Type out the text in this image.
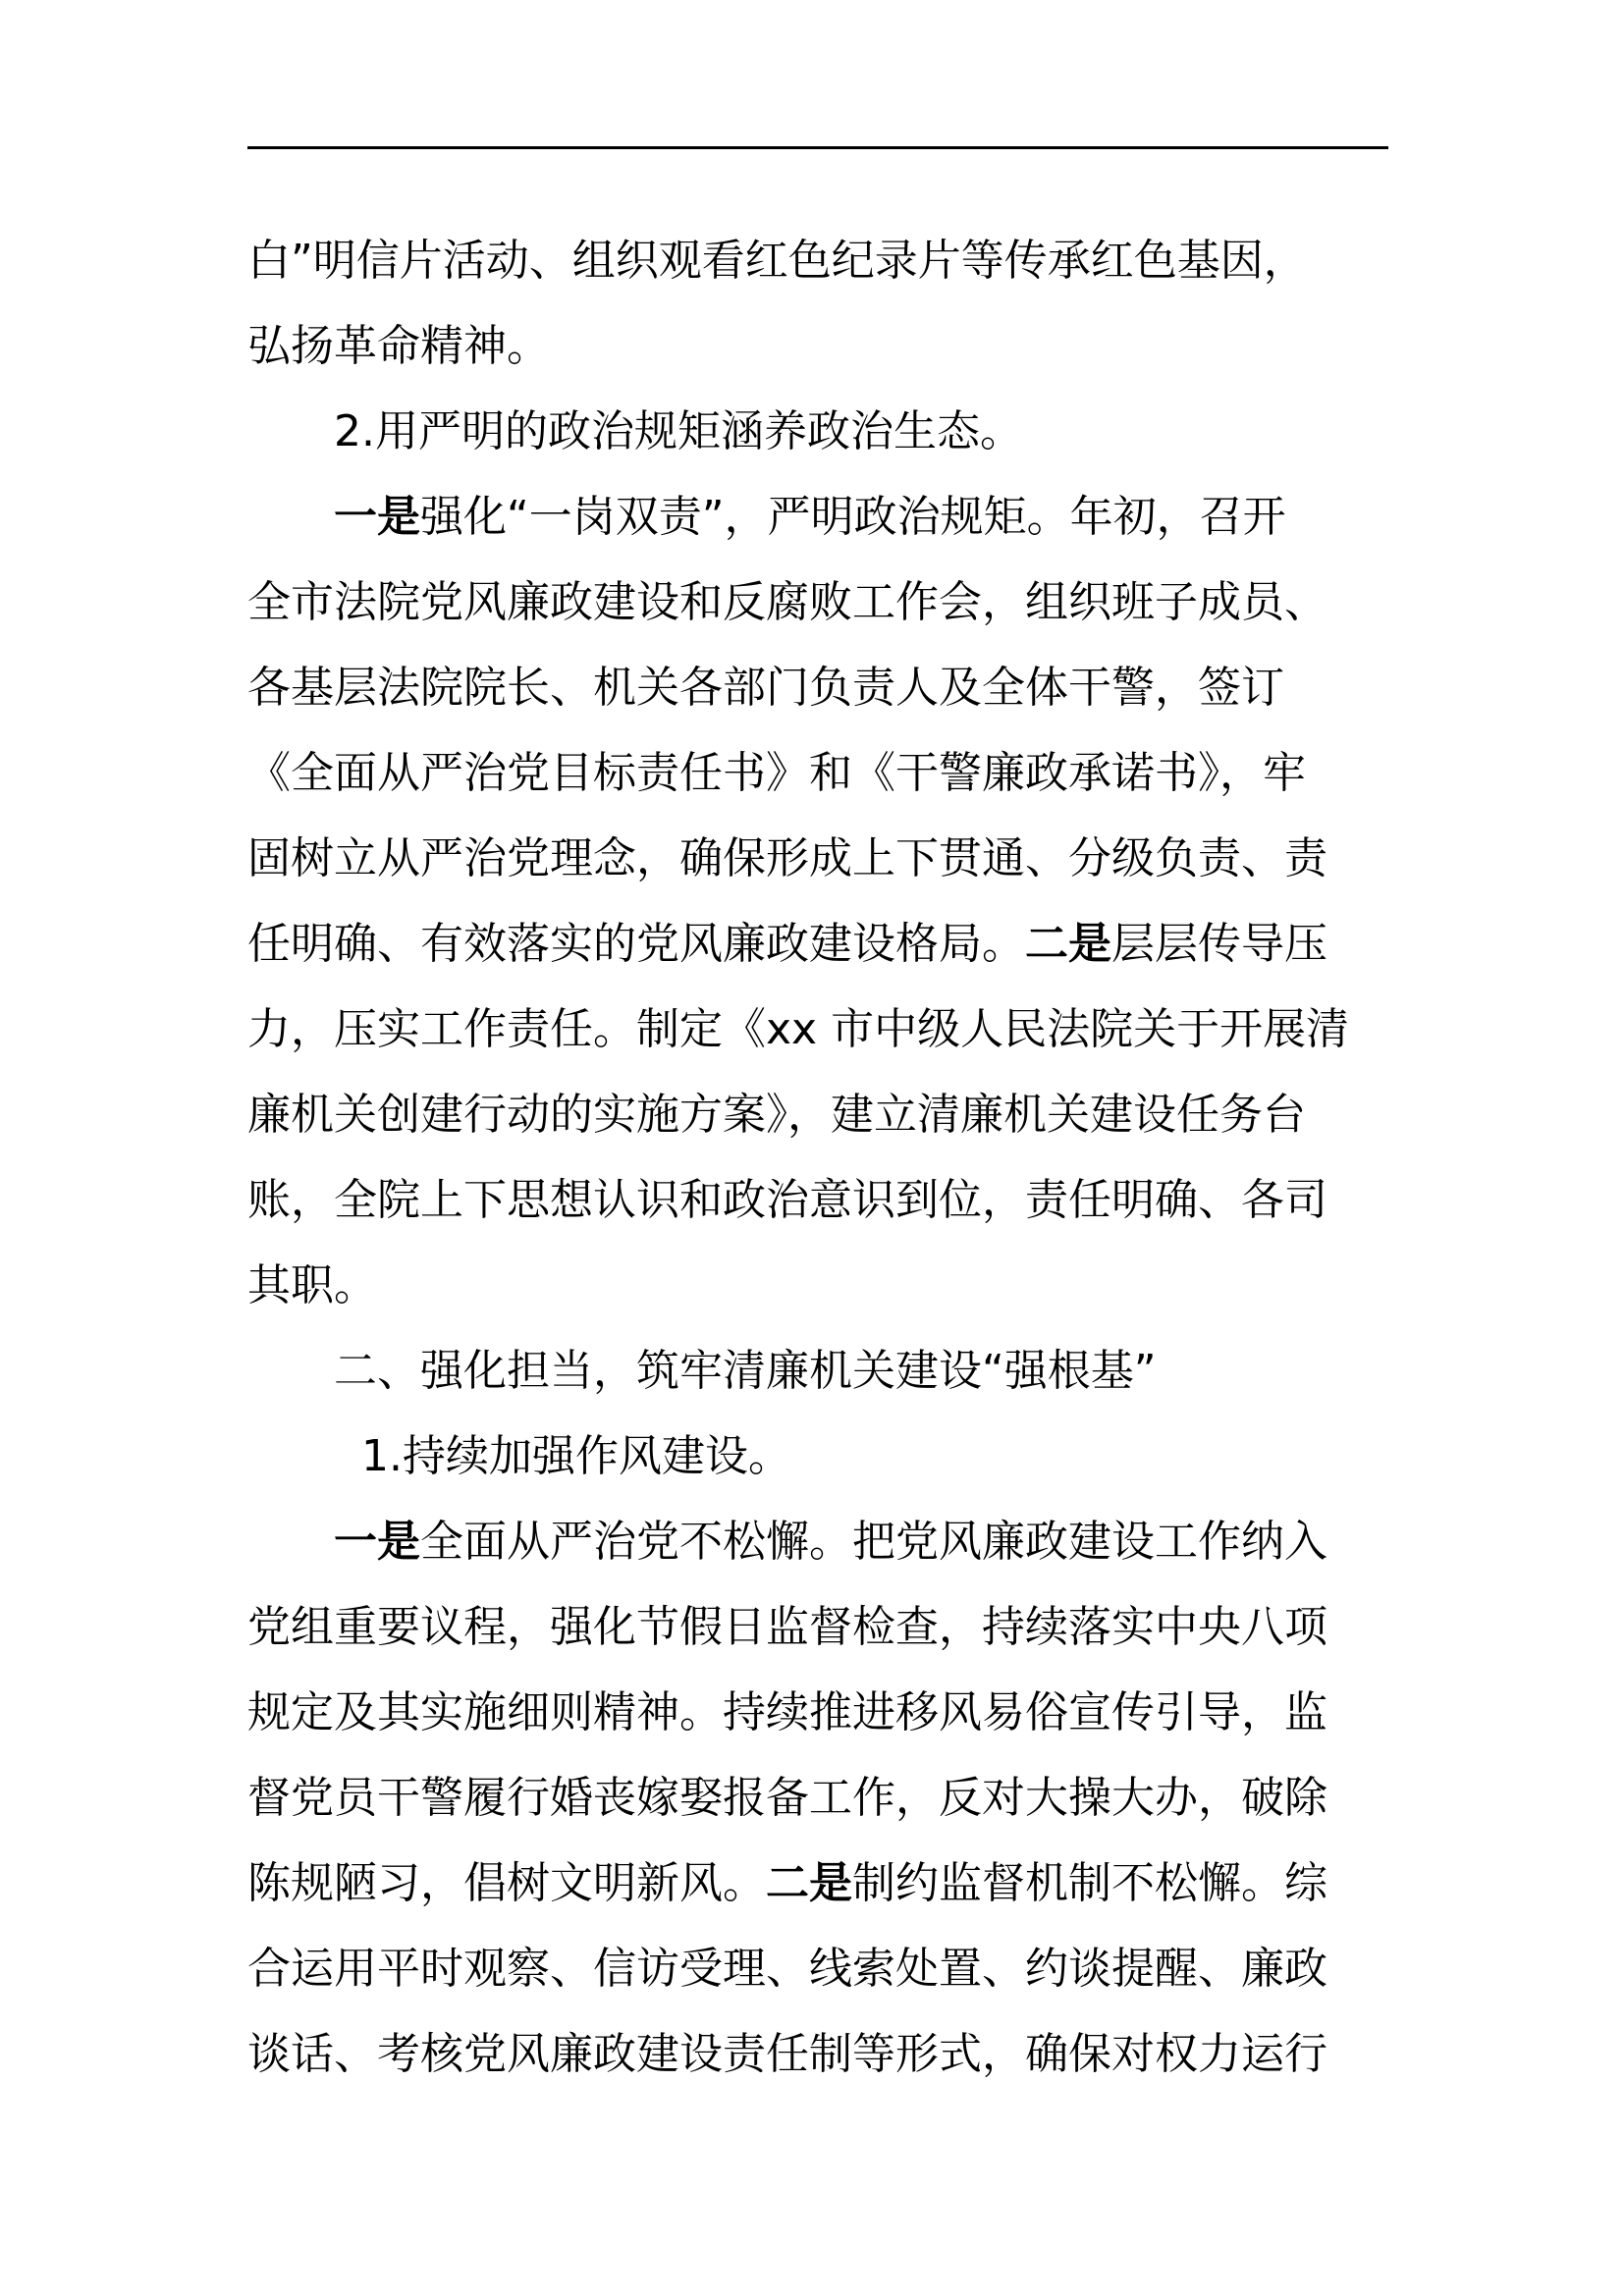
白”明信片活动、组织观看红色纪录片等传承红色基因，
弘扬革命精神。
2.用严明的政治规矩涵养政治生态。
一是强化“一岗双责”，严明政治规矩。年初，召开
全市法院党风廉政建设和反腐败工作会，组织班子成员、
各基层法院院长、机关各部门负责人及全体干警，签订
《全面从严治党目标责任书》和《干警廉政承诺书》，牢
固树立从严治党理念，确保形成上下贯通、分级负责、责
任明确、有效落实的党风廉政建设格局。二是层层传导压
力，压实工作责任。制定《xx 市中级人民法院关于开展清
廉机关创建行动的实施方案》，建立清廉机关建设任务台
账，全院上下思想认识和政治意识到位，责任明确、各司
其职。
二、强化担当，筑牢清廉机关建设“强根基”
1.持续加强作风建设。
一是全面从严治党不松懈。把党风廉政建设工作纳入
党组重要议程，强化节假日监督检查，持续落实中央八项
规定及其实施细则精神。持续推进移风易俗宣传引导，监
督党员干警履行婚丧嫁娶报备工作，反对大操大办，破除
陈规陋习，倡树文明新风。二是制约监督机制不松懈。综
合运用平时观察、信访受理、线索处置、约谈提醒、廉政
谈话、考核党风廉政建设责任制等形式，确保对权力运行
